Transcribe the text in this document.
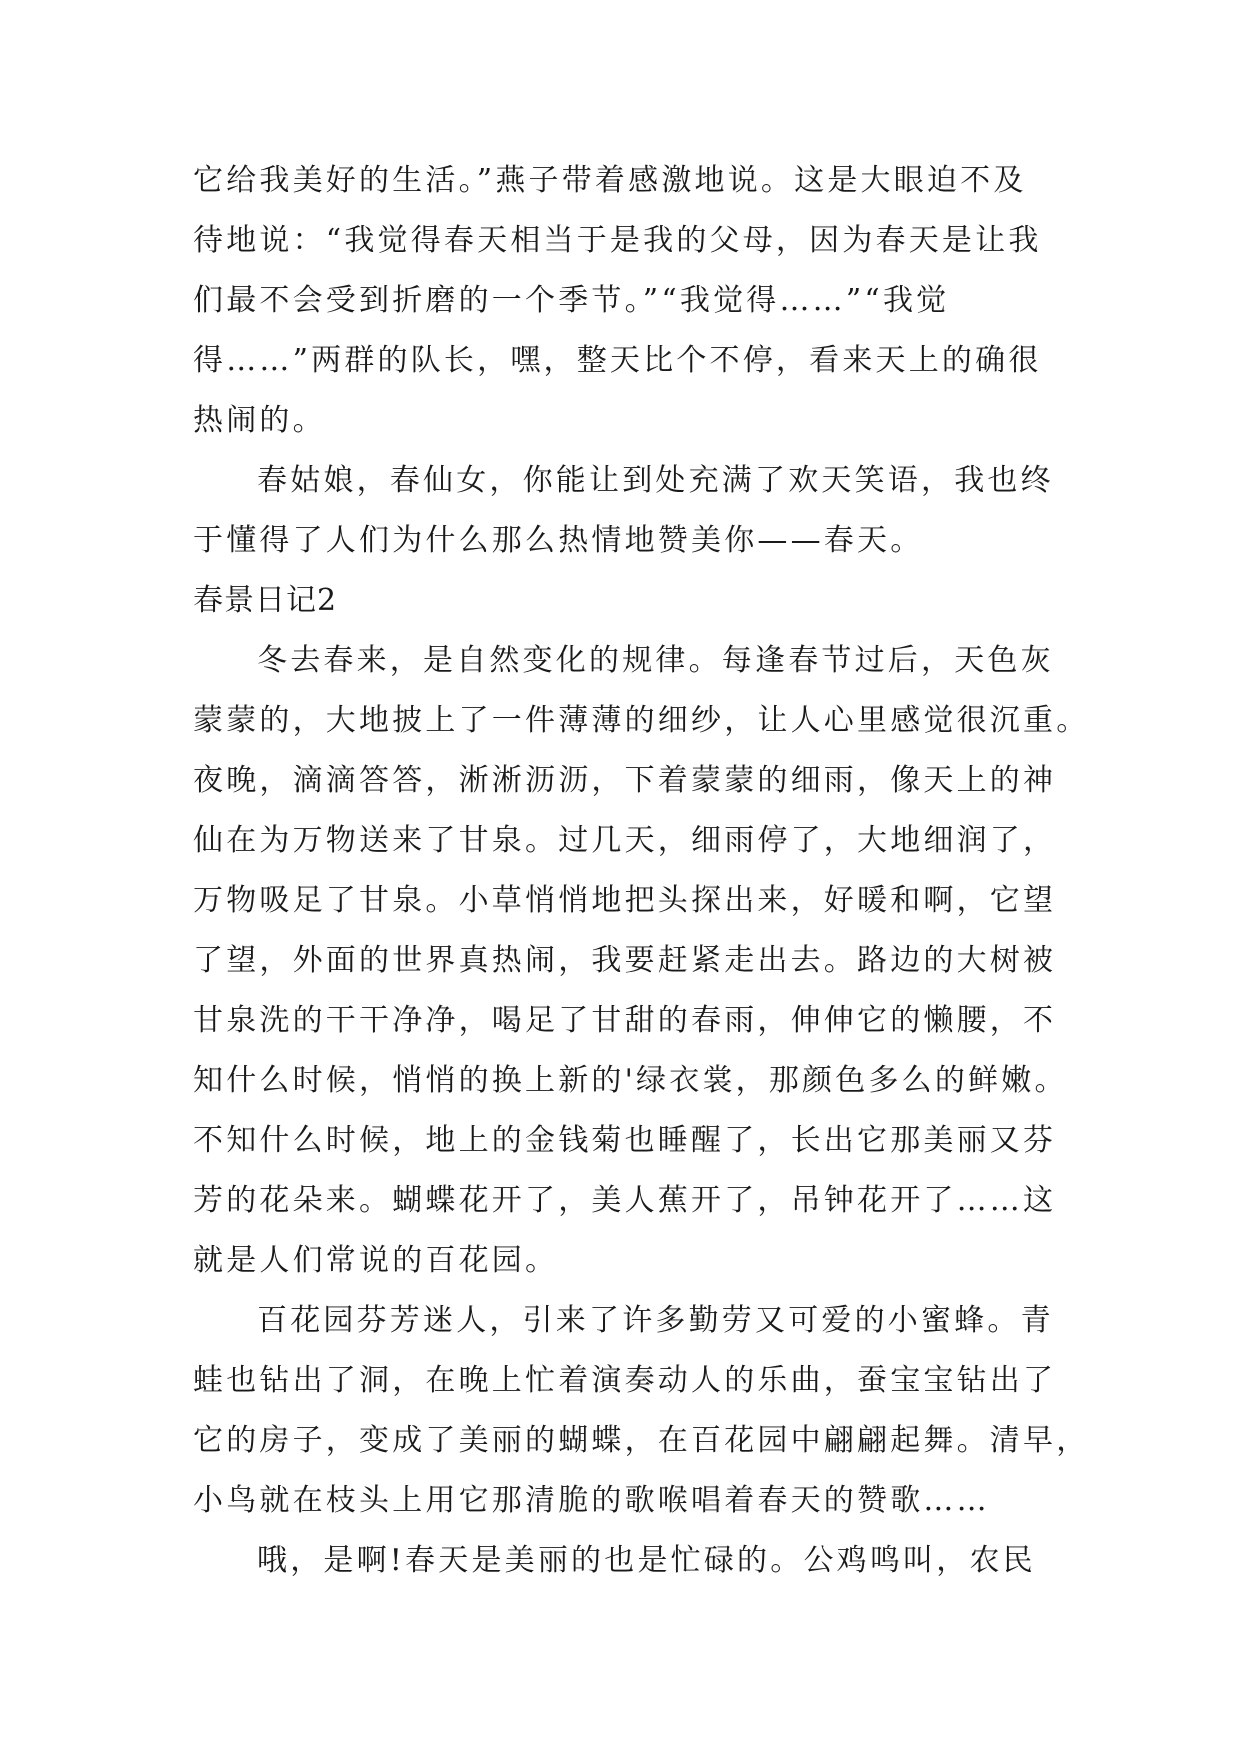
它给我美好的生活。”燕子带着感激地说。这是大眼迫不及
待地说：“我觉得春天相当于是我的父母，因为春天是让我
们最不会受到折磨的一个季节。”“我觉得……”“我觉
得……”两群的队长，嘿，整天比个不停，看来天上的确很
热闹的。
春姑娘，春仙女，你能让到处充满了欢天笑语，我也终
于懂得了人们为什么那么热情地赞美你——春天。
春景日记2
冬去春来，是自然变化的规律。每逢春节过后，天色灰
蒙蒙的，大地披上了一件薄薄的细纱，让人心里感觉很沉重。
夜晚，滴滴答答，淅淅沥沥，下着蒙蒙的细雨，像天上的神
仙在为万物送来了甘泉。过几天，细雨停了，大地细润了，
万物吸足了甘泉。小草悄悄地把头探出来，好暖和啊，它望
了望，外面的世界真热闹，我要赶紧走出去。路边的大树被
甘泉洗的干干净净，喝足了甘甜的春雨，伸伸它的懒腰，不
知什么时候，悄悄的换上新的'绿衣裳，那颜色多么的鲜嫩。
不知什么时候，地上的金钱菊也睡醒了，长出它那美丽又芬
芳的花朵来。蝴蝶花开了，美人蕉开了，吊钟花开了……这
就是人们常说的百花园。
百花园芬芳迷人，引来了许多勤劳又可爱的小蜜蜂。青
蛙也钻出了洞，在晚上忙着演奏动人的乐曲，蚕宝宝钻出了
它的房子，变成了美丽的蝴蝶，在百花园中翩翩起舞。清早，
小鸟就在枝头上用它那清脆的歌喉唱着春天的赞歌……
哦，是啊!春天是美丽的也是忙碌的。公鸡鸣叫，农民
